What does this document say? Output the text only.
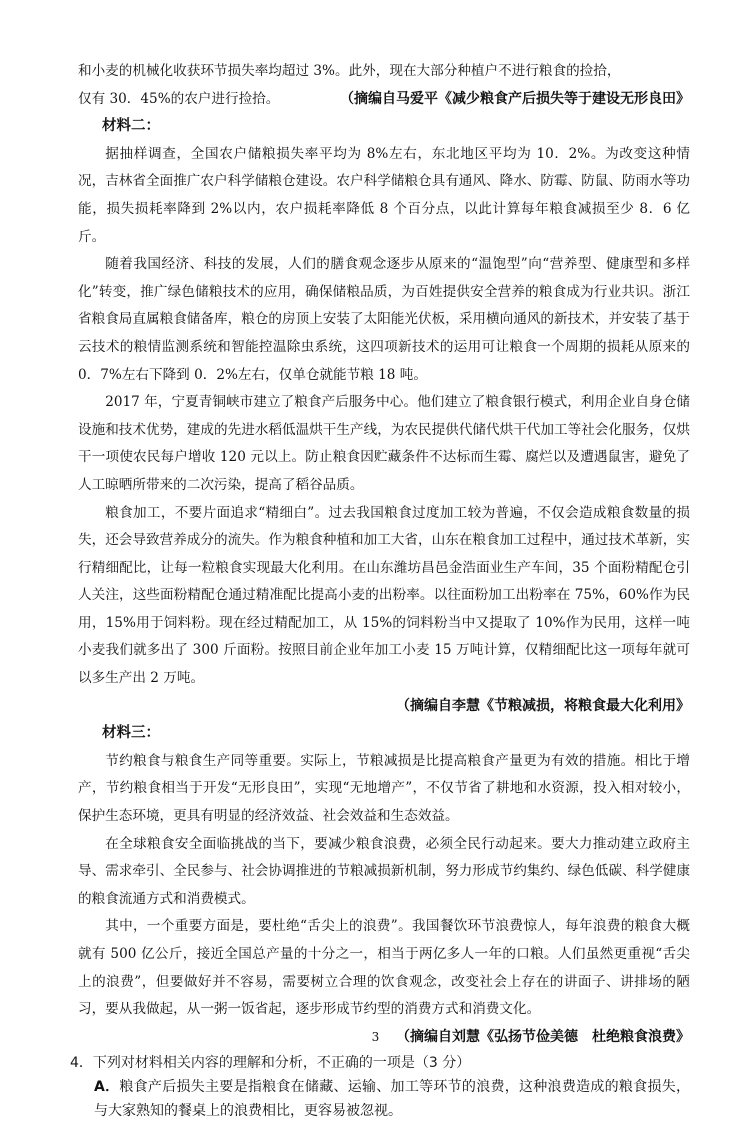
和小麦的机械化收获环节损失率均超过 3%。此外，现在大部分种植户不进行粮食的捡拾，

仅有 30．45%的农户进行捡拾。	（摘编自马爱平《减少粮食产后损失等于建设无形良田》

材料二：

据抽样调查，全国农户储粮损失率平均为 8%左右，东北地区平均为 10．2%。为改变这种情况，吉林省全面推广农户科学储粮仓建设。农户科学储粮仓具有通风、降水、防霉、防鼠、防雨水等功能，损失损耗率降到 2%以内，农户损耗率降低 8 个百分点，以此计算每年粮食减损至少 8．6 亿斤。

随着我国经济、科技的发展，人们的膳食观念逐步从原来的“温饱型”向“营养型、健康型和多样化”转变，推广绿色储粮技术的应用，确保储粮品质，为百姓提供安全营养的粮食成为行业共识。浙江省粮食局直属粮食储备库，粮仓的房顶上安装了太阳能光伏板，采用横向通风的新技术，并安装了基于云技术的粮情监测系统和智能控温除虫系统，这四项新技术的运用可让粮食一个周期的损耗从原来的 0．7%左右下降到 0．2%左右，仅单仓就能节粮 18 吨。

2017 年，宁夏青铜峡市建立了粮食产后服务中心。他们建立了粮食银行模式，利用企业自身仓储设施和技术优势，建成的先进水稻低温烘干生产线，为农民提供代储代烘干代加工等社会化服务，仅烘干一项使农民每户增收 120 元以上。防止粮食因贮藏条件不达标而生霉、腐烂以及遭遇鼠害，避免了人工晾晒所带来的二次污染，提高了稻谷品质。

粮食加工，不要片面追求“精细白”。过去我国粮食过度加工较为普遍，不仅会造成粮食数量的损失，还会导致营养成分的流失。作为粮食种植和加工大省，山东在粮食加工过程中，通过技术革新，实行精细配比，让每一粒粮食实现最大化利用。在山东潍坊昌邑金浩面业生产车间，35 个面粉精配仓引人关注，这些面粉精配仓通过精准配比提高小麦的出粉率。以往面粉加工出粉率在 75%，60%作为民用，15%用于饲料粉。现在经过精配加工，从 15%的饲料粉当中又提取了 10%作为民用，这样一吨小麦我们就多出了 300 斤面粉。按照目前企业年加工小麦 15 万吨计算，仅精细配比这一项每年就可以多生产出 2 万吨。

（摘编自李慧《节粮减损，将粮食最大化利用》

材料三：

节约粮食与粮食生产同等重要。实际上，节粮减损是比提高粮食产量更为有效的措施。相比于增产，节约粮食相当于开发“无形良田”，实现“无地增产”，不仅节省了耕地和水资源，投入相对较小，保护生态环境，更具有明显的经济效益、社会效益和生态效益。

在全球粮食安全面临挑战的当下，要减少粮食浪费，必须全民行动起来。要大力推动建立政府主导、需求牵引、全民参与、社会协调推进的节粮减损新机制，努力形成节约集约、绿色低碳、科学健康的粮食流通方式和消费模式。

其中，一个重要方面是，要杜绝“舌尖上的浪费”。我国餐饮环节浪费惊人，每年浪费的粮食大概就有 500 亿公斤，接近全国总产量的十分之一，相当于两亿多人一年的口粮。人们虽然更重视“舌尖上的浪费”，但要做好并不容易，需要树立合理的饮食观念，改变社会上存在的讲面子、讲排场的陋习，要从我做起，从一粥一饭省起，逐步形成节约型的消费方式和消费文化。

（摘编自刘慧《弘扬节俭美德　杜绝粮食浪费》

4．下列对材料相关内容的理解和分析，不正确的一项是（3 分）

A．粮食产后损失主要是指粮食在储藏、运输、加工等环节的浪费，这种浪费造成的粮食损失，与大家熟知的餐桌上的浪费相比，更容易被忽视。

3
